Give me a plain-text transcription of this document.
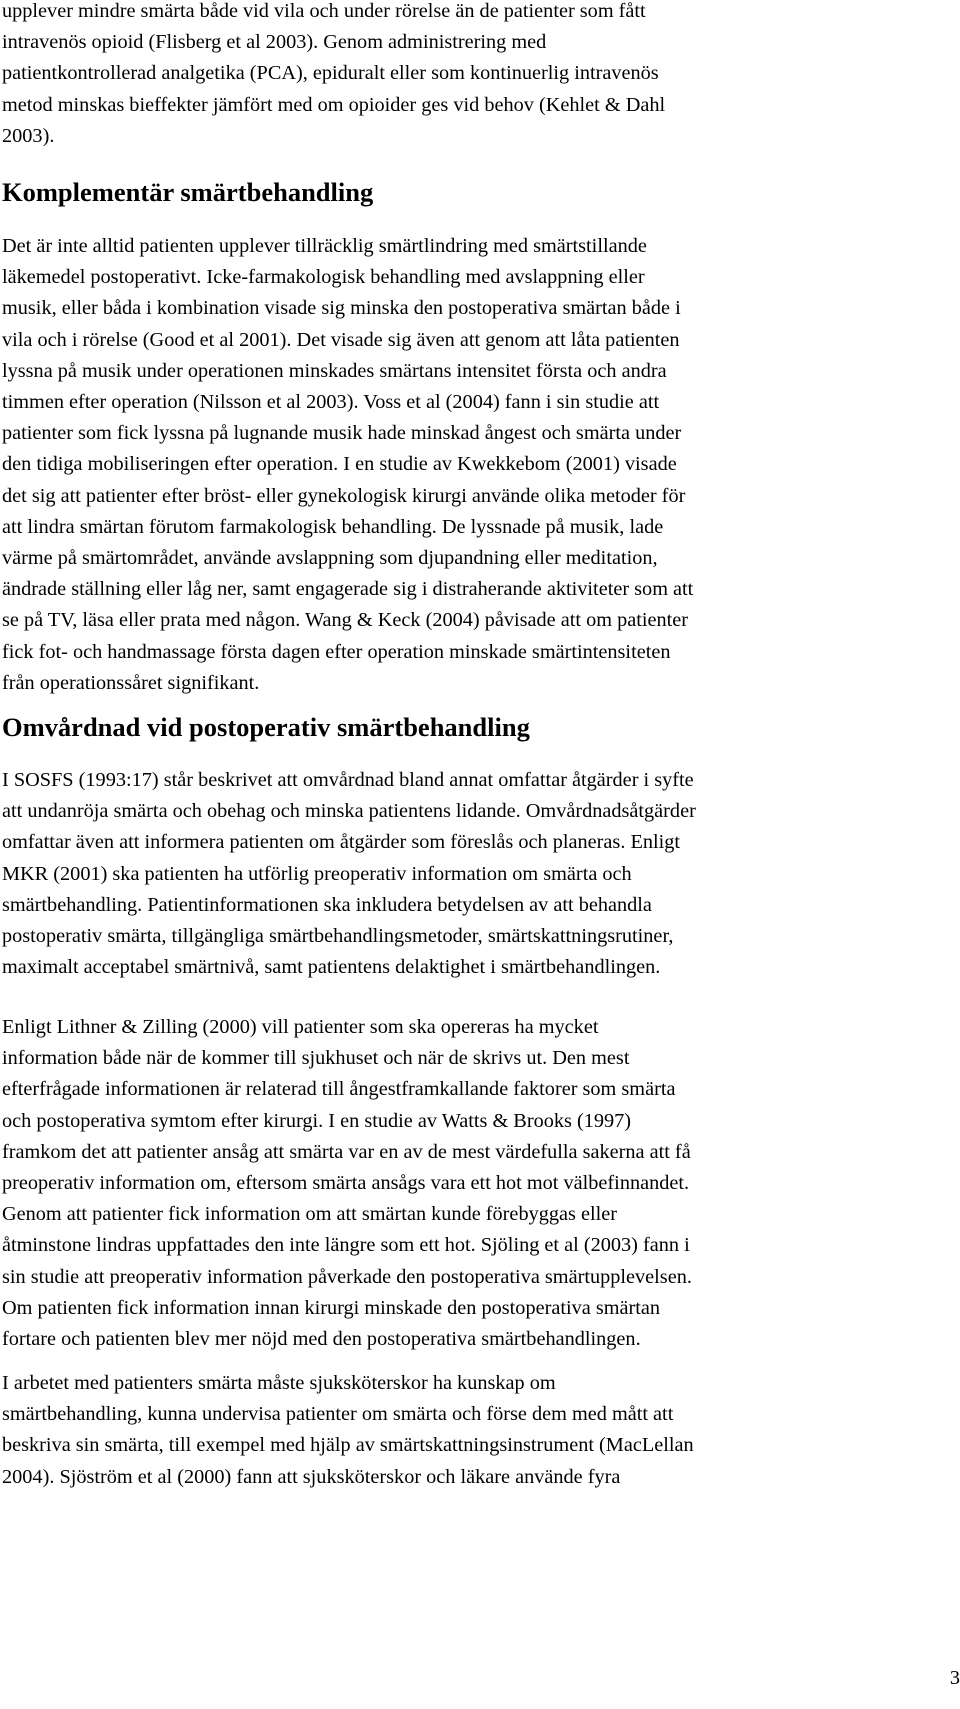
upplever mindre smärta både vid vila och under rörelse än de patienter som fått
intravenös opioid (Flisberg et al 2003). Genom administrering med
patientkontrollerad analgetika (PCA), epiduralt eller som kontinuerlig intravenös
metod minskas bieffekter jämfört med om opioider ges vid behov (Kehlet & Dahl
2003).

Komplementär smärtbehandling

Det är inte alltid patienten upplever tillräcklig smärtlindring med smärtstillande
läkemedel postoperativt. Icke-farmakologisk behandling med avslappning eller
musik, eller båda i kombination visade sig minska den postoperativa smärtan både i
vila och i rörelse (Good et al 2001). Det visade sig även att genom att låta patienten
lyssna på musik under operationen minskades smärtans intensitet första och andra
timmen efter operation (Nilsson et al 2003). Voss et al (2004) fann i sin studie att
patienter som fick lyssna på lugnande musik hade minskad ångest och smärta under
den tidiga mobiliseringen efter operation. I en studie av Kwekkebom (2001) visade
det sig att patienter efter bröst- eller gynekologisk kirurgi använde olika metoder för
att lindra smärtan förutom farmakologisk behandling. De lyssnade på musik, lade
värme på smärtområdet, använde avslappning som djupandning eller meditation,
ändrade ställning eller låg ner, samt engagerade sig i distraherande aktiviteter som att
se på TV, läsa eller prata med någon. Wang & Keck (2004) påvisade att om patienter
fick fot- och handmassage första dagen efter operation minskade smärtintensiteten
från operationssåret signifikant.

Omvårdnad vid postoperativ smärtbehandling

I SOSFS (1993:17) står beskrivet att omvårdnad bland annat omfattar åtgärder i syfte
att undanröja smärta och obehag och minska patientens lidande. Omvårdnadsåtgärder
omfattar även att informera patienten om åtgärder som föreslås och planeras. Enligt
MKR (2001) ska patienten ha utförlig preoperativ information om smärta och
smärtbehandling. Patientinformationen ska inkludera betydelsen av att behandla
postoperativ smärta, tillgängliga smärtbehandlingsmetoder, smärtskattningsrutiner,
maximalt acceptabel smärtnivå, samt patientens delaktighet i smärtbehandlingen.

Enligt Lithner & Zilling (2000) vill patienter som ska opereras ha mycket
information både när de kommer till sjukhuset och när de skrivs ut. Den mest
efterfrågade informationen är relaterad till ångestframkallande faktorer som smärta
och postoperativa symtom efter kirurgi. I en studie av Watts & Brooks (1997)
framkom det att patienter ansåg att smärta var en av de mest värdefulla sakerna att få
preoperativ information om, eftersom smärta ansågs vara ett hot mot välbefinnandet.
Genom att patienter fick information om att smärtan kunde förebyggas eller
åtminstone lindras uppfattades den inte längre som ett hot. Sjöling et al (2003) fann i
sin studie att preoperativ information påverkade den postoperativa smärtupplevelsen.
Om patienten fick information innan kirurgi minskade den postoperativa smärtan
fortare och patienten blev mer nöjd med den postoperativa smärtbehandlingen.

I arbetet med patienters smärta måste sjuksköterskor ha kunskap om
smärtbehandling, kunna undervisa patienter om smärta och förse dem med mått att
beskriva sin smärta, till exempel med hjälp av smärtskattningsinstrument (MacLellan
2004). Sjöström et al (2000) fann att sjuksköterskor och läkare använde fyra

3
